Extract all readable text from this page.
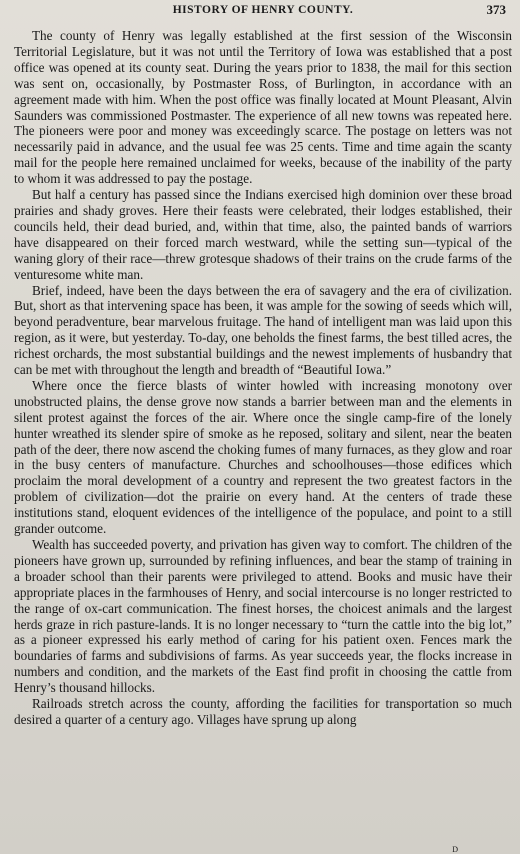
HISTORY OF HENRY COUNTY.	373

The county of Henry was legally established at the first session of the Wisconsin Territorial Legislature, but it was not until the Territory of Iowa was established that a post office was opened at its county seat. During the years prior to 1838, the mail for this section was sent on, occasionally, by Postmaster Ross, of Burlington, in accordance with an agreement made with him. When the post office was finally located at Mount Pleasant, Alvin Saunders was commissioned Postmaster. The experience of all new towns was repeated here. The pioneers were poor and money was exceedingly scarce. The postage on letters was not necessarily paid in advance, and the usual fee was 25 cents. Time and time again the scanty mail for the people here remained unclaimed for weeks, because of the inability of the party to whom it was addressed to pay the postage.

But half a century has passed since the Indians exercised high dominion over these broad prairies and shady groves. Here their feasts were celebrated, their lodges established, their councils held, their dead buried, and, within that time, also, the painted bands of warriors have disappeared on their forced march westward, while the setting sun—typical of the waning glory of their race—threw grotesque shadows of their trains on the crude farms of the venturesome white man.

Brief, indeed, have been the days between the era of savagery and the era of civilization. But, short as that intervening space has been, it was ample for the sowing of seeds which will, beyond peradventure, bear marvelous fruitage. The hand of intelligent man was laid upon this region, as it were, but yesterday. To-day, one beholds the finest farms, the best tilled acres, the richest orchards, the most substantial buildings and the newest implements of husbandry that can be met with throughout the length and breadth of “Beautiful Iowa.”

Where once the fierce blasts of winter howled with increasing monotony over unobstructed plains, the dense grove now stands a barrier between man and the elements in silent protest against the forces of the air. Where once the single camp-fire of the lonely hunter wreathed its slender spire of smoke as he reposed, solitary and silent, near the beaten path of the deer, there now ascend the choking fumes of many furnaces, as they glow and roar in the busy centers of manufacture. Churches and schoolhouses—those edifices which proclaim the moral development of a country and represent the two greatest factors in the problem of civilization—dot the prairie on every hand. At the centers of trade these institutions stand, eloquent evidences of the intelligence of the populace, and point to a still grander outcome.

Wealth has succeeded poverty, and privation has given way to comfort. The children of the pioneers have grown up, surrounded by refining influences, and bear the stamp of training in a broader school than their parents were privileged to attend. Books and music have their appropriate places in the farmhouses of Henry, and social intercourse is no longer restricted to the range of ox-cart communication. The finest horses, the choicest animals and the largest herds graze in rich pasture-lands. It is no longer necessary to “turn the cattle into the big lot,” as a pioneer expressed his early method of caring for his patient oxen. Fences mark the boundaries of farms and subdivisions of farms. As year succeeds year, the flocks increase in numbers and condition, and the markets of the East find profit in choosing the cattle from Henry’s thousand hillocks.

Railroads stretch across the county, affording the facilities for transportation so much desired a quarter of a century ago. Villages have sprung up along

D
